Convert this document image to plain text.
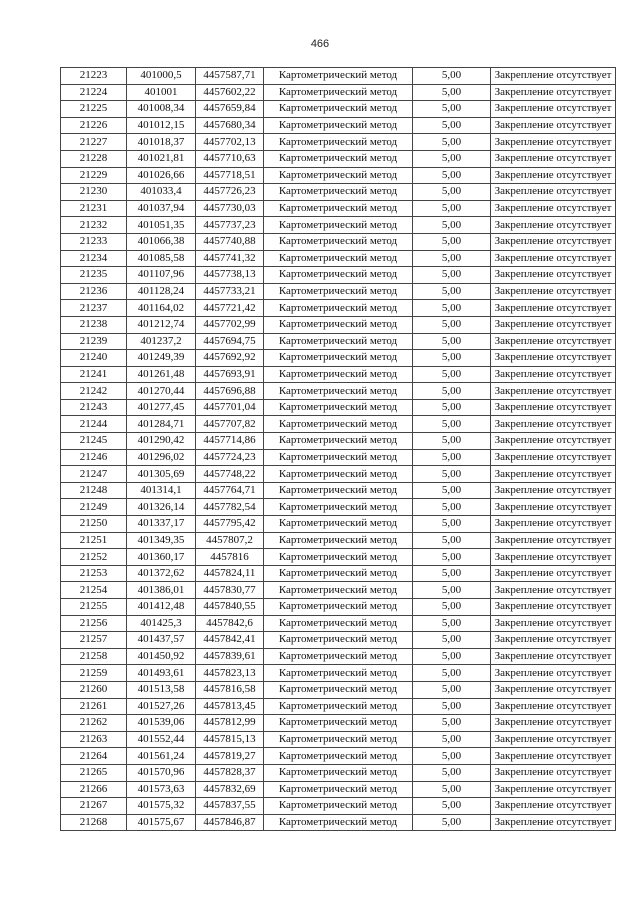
466
21223	401000,5	4457587,71	Картометрический метод	5,00	Закрепление отсутствует
21224	401001	4457602,22	Картометрический метод	5,00	Закрепление отсутствует
21225	401008,34	4457659,84	Картометрический метод	5,00	Закрепление отсутствует
21226	401012,15	4457680,34	Картометрический метод	5,00	Закрепление отсутствует
21227	401018,37	4457702,13	Картометрический метод	5,00	Закрепление отсутствует
21228	401021,81	4457710,63	Картометрический метод	5,00	Закрепление отсутствует
21229	401026,66	4457718,51	Картометрический метод	5,00	Закрепление отсутствует
21230	401033,4	4457726,23	Картометрический метод	5,00	Закрепление отсутствует
21231	401037,94	4457730,03	Картометрический метод	5,00	Закрепление отсутствует
21232	401051,35	4457737,23	Картометрический метод	5,00	Закрепление отсутствует
21233	401066,38	4457740,88	Картометрический метод	5,00	Закрепление отсутствует
21234	401085,58	4457741,32	Картометрический метод	5,00	Закрепление отсутствует
21235	401107,96	4457738,13	Картометрический метод	5,00	Закрепление отсутствует
21236	401128,24	4457733,21	Картометрический метод	5,00	Закрепление отсутствует
21237	401164,02	4457721,42	Картометрический метод	5,00	Закрепление отсутствует
21238	401212,74	4457702,99	Картометрический метод	5,00	Закрепление отсутствует
21239	401237,2	4457694,75	Картометрический метод	5,00	Закрепление отсутствует
21240	401249,39	4457692,92	Картометрический метод	5,00	Закрепление отсутствует
21241	401261,48	4457693,91	Картометрический метод	5,00	Закрепление отсутствует
21242	401270,44	4457696,88	Картометрический метод	5,00	Закрепление отсутствует
21243	401277,45	4457701,04	Картометрический метод	5,00	Закрепление отсутствует
21244	401284,71	4457707,82	Картометрический метод	5,00	Закрепление отсутствует
21245	401290,42	4457714,86	Картометрический метод	5,00	Закрепление отсутствует
21246	401296,02	4457724,23	Картометрический метод	5,00	Закрепление отсутствует
21247	401305,69	4457748,22	Картометрический метод	5,00	Закрепление отсутствует
21248	401314,1	4457764,71	Картометрический метод	5,00	Закрепление отсутствует
21249	401326,14	4457782,54	Картометрический метод	5,00	Закрепление отсутствует
21250	401337,17	4457795,42	Картометрический метод	5,00	Закрепление отсутствует
21251	401349,35	4457807,2	Картометрический метод	5,00	Закрепление отсутствует
21252	401360,17	4457816	Картометрический метод	5,00	Закрепление отсутствует
21253	401372,62	4457824,11	Картометрический метод	5,00	Закрепление отсутствует
21254	401386,01	4457830,77	Картометрический метод	5,00	Закрепление отсутствует
21255	401412,48	4457840,55	Картометрический метод	5,00	Закрепление отсутствует
21256	401425,3	4457842,6	Картометрический метод	5,00	Закрепление отсутствует
21257	401437,57	4457842,41	Картометрический метод	5,00	Закрепление отсутствует
21258	401450,92	4457839,61	Картометрический метод	5,00	Закрепление отсутствует
21259	401493,61	4457823,13	Картометрический метод	5,00	Закрепление отсутствует
21260	401513,58	4457816,58	Картометрический метод	5,00	Закрепление отсутствует
21261	401527,26	4457813,45	Картометрический метод	5,00	Закрепление отсутствует
21262	401539,06	4457812,99	Картометрический метод	5,00	Закрепление отсутствует
21263	401552,44	4457815,13	Картометрический метод	5,00	Закрепление отсутствует
21264	401561,24	4457819,27	Картометрический метод	5,00	Закрепление отсутствует
21265	401570,96	4457828,37	Картометрический метод	5,00	Закрепление отсутствует
21266	401573,63	4457832,69	Картометрический метод	5,00	Закрепление отсутствует
21267	401575,32	4457837,55	Картометрический метод	5,00	Закрепление отсутствует
21268	401575,67	4457846,87	Картометрический метод	5,00	Закрепление отсутствует
